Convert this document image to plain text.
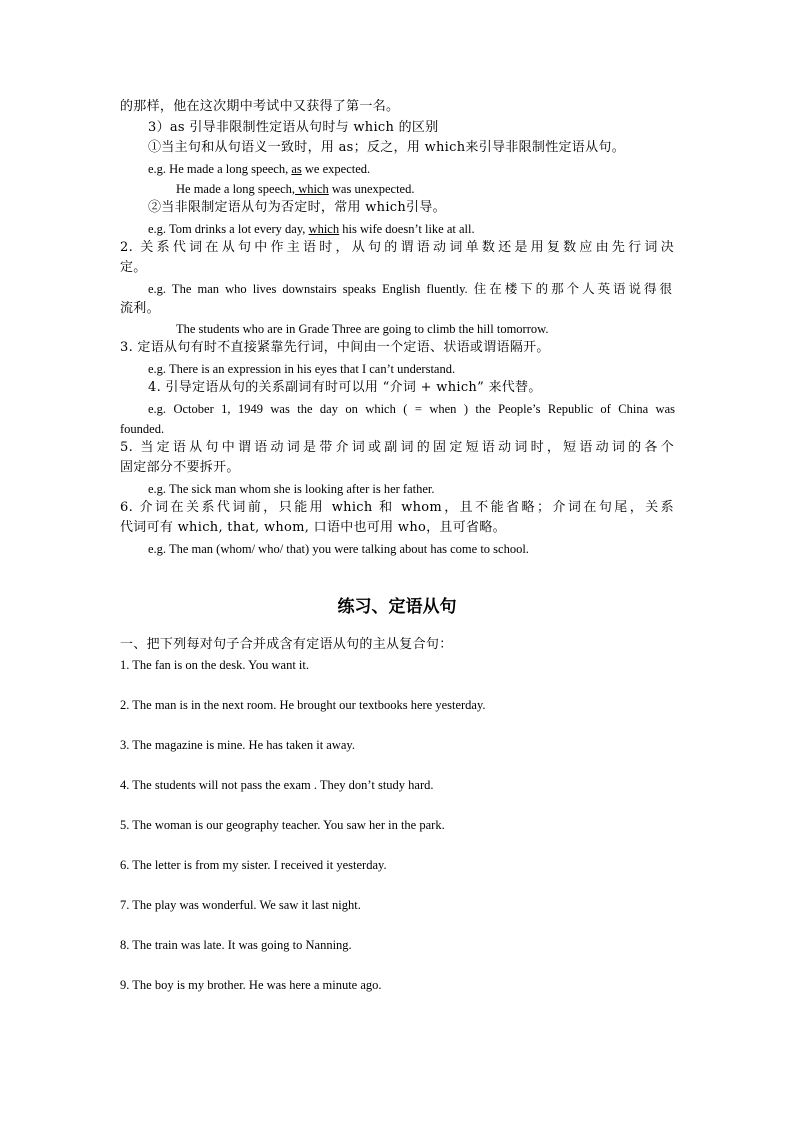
的那样，他在这次期中考试中又获得了第一名。
3）as 引导非限制性定语从句时与 which 的区别
①当主句和从句语义一致时，用 as；反之，用 which来引导非限制性定语从句。
e.g. He made a long speech, as we expected.
He made a long speech, which was unexpected.
②当非限制定语从句为否定时，常用 which引导。
e.g. Tom drinks a lot every day, which his wife doesn’t like at all.
2. 关系代词在从句中作主语时，从句的谓语动词单数还是用复数应由先行词决
定。
e.g. The man who lives downstairs speaks English fluently. 住在楼下的那个人英语说得很
流利。
The students who are in Grade Three are going to climb the hill tomorrow.
3. 定语从句有时不直接紧靠先行词，中间由一个定语、状语或谓语隔开。
e.g. There is an expression in his eyes that I can’t understand.
4. 引导定语从句的关系副词有时可以用 “介词 + which” 来代替。
e.g. October 1, 1949 was the day on which ( = when ) the People’s Republic of China was
founded.
5. 当定语从句中谓语动词是带介词或副词的固定短语动词时，短语动词的各个
固定部分不要拆开。
e.g. The sick man whom she is looking after is her father.
6. 介词在关系代词前，只能用 which 和 whom，且不能省略；介词在句尾，关系
代词可有 which, that, whom, 口语中也可用 who，且可省略。
e.g. The man (whom/ who/ that) you were talking about has come to school.
练习、定语从句
一、把下列每对句子合并成含有定语从句的主从复合句：
1. The fan is on the desk. You want it.
2. The man is in the next room. He brought our textbooks here yesterday.
3. The magazine is mine. He has taken it away.
4. The students will not pass the exam . They don’t study hard.
5. The woman is our geography teacher. You saw her in the park.
6. The letter is from my sister. I received it yesterday.
7. The play was wonderful. We saw it last night.
8. The train was late. It was going to Nanning.
9. The boy is my brother. He was here a minute ago.
